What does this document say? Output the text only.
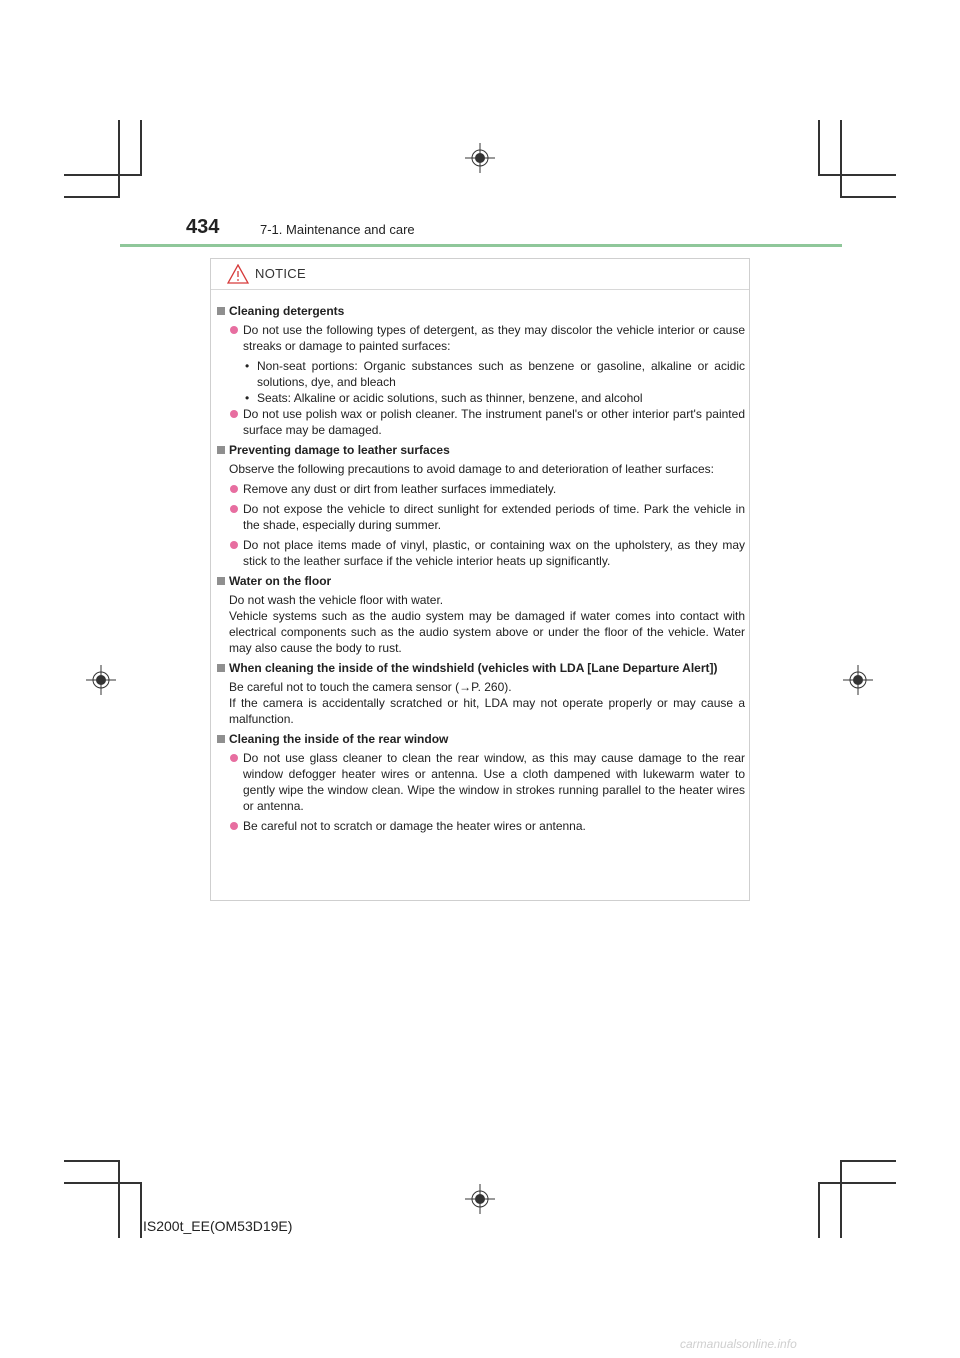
434	7-1. Maintenance and care
NOTICE
Cleaning detergents
Do not use the following types of detergent, as they may discolor the vehicle interior or cause streaks or damage to painted surfaces:
• Non-seat portions: Organic substances such as benzene or gasoline, alkaline or acidic solutions, dye, and bleach
• Seats: Alkaline or acidic solutions, such as thinner, benzene, and alcohol
Do not use polish wax or polish cleaner. The instrument panel's or other interior part's painted surface may be damaged.
Preventing damage to leather surfaces
Observe the following precautions to avoid damage to and deterioration of leather surfaces:
Remove any dust or dirt from leather surfaces immediately.
Do not expose the vehicle to direct sunlight for extended periods of time. Park the vehicle in the shade, especially during summer.
Do not place items made of vinyl, plastic, or containing wax on the upholstery, as they may stick to the leather surface if the vehicle interior heats up significantly.
Water on the floor
Do not wash the vehicle floor with water.
Vehicle systems such as the audio system may be damaged if water comes into contact with electrical components such as the audio system above or under the floor of the vehicle. Water may also cause the body to rust.
When cleaning the inside of the windshield (vehicles with LDA [Lane Departure Alert])
Be careful not to touch the camera sensor (→P. 260).
If the camera is accidentally scratched or hit, LDA may not operate properly or may cause a malfunction.
Cleaning the inside of the rear window
Do not use glass cleaner to clean the rear window, as this may cause damage to the rear window defogger heater wires or antenna. Use a cloth dampened with lukewarm water to gently wipe the window clean. Wipe the window in strokes running parallel to the heater wires or antenna.
Be careful not to scratch or damage the heater wires or antenna.
IS200t_EE(OM53D19E)
carmanualsonline.info
